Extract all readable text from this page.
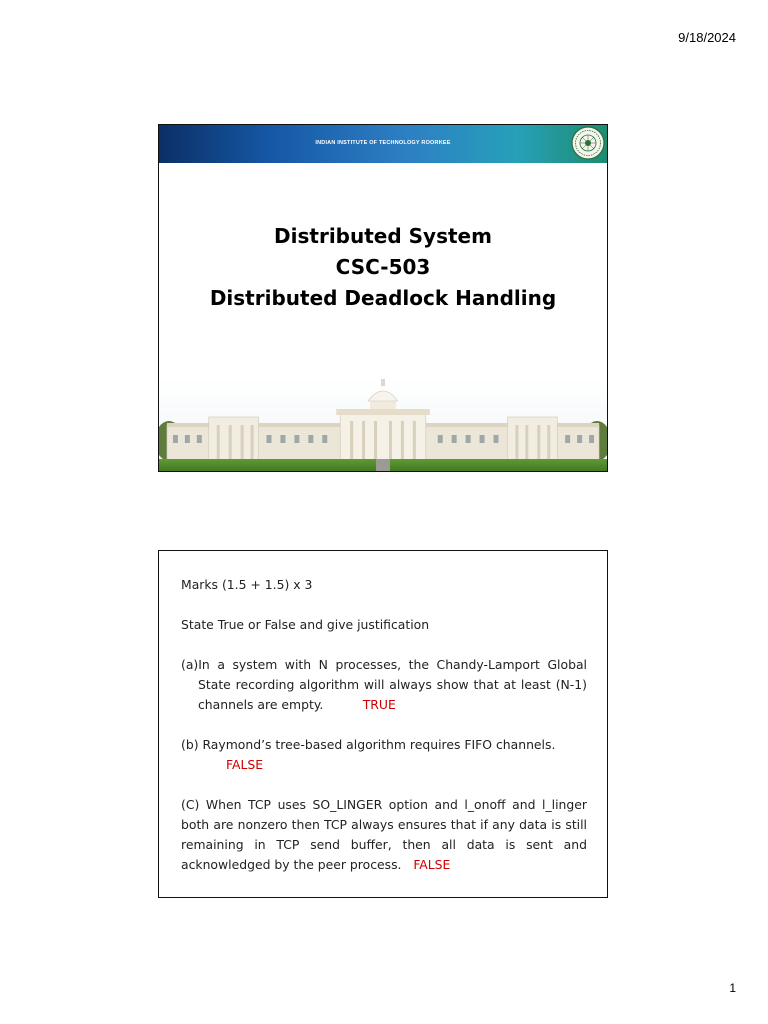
9/18/2024
INDIAN INSTITUTE OF TECHNOLOGY ROORKEE
Distributed System
CSC-503
Distributed Deadlock Handling

Marks (1.5 + 1.5) x 3

State True or False and give justification

(a)In a system with N processes, the Chandy-Lamport Global State recording algorithm will always show that at least (N-1) channels are empty.	TRUE

(b) Raymond’s tree-based algorithm requires FIFO channels.
FALSE

(C) When TCP uses SO_LINGER option and l_onoff and l_linger both are nonzero then TCP always ensures that if any data is still remaining in TCP send buffer, then all data is sent and acknowledged by the peer process. FALSE

1
